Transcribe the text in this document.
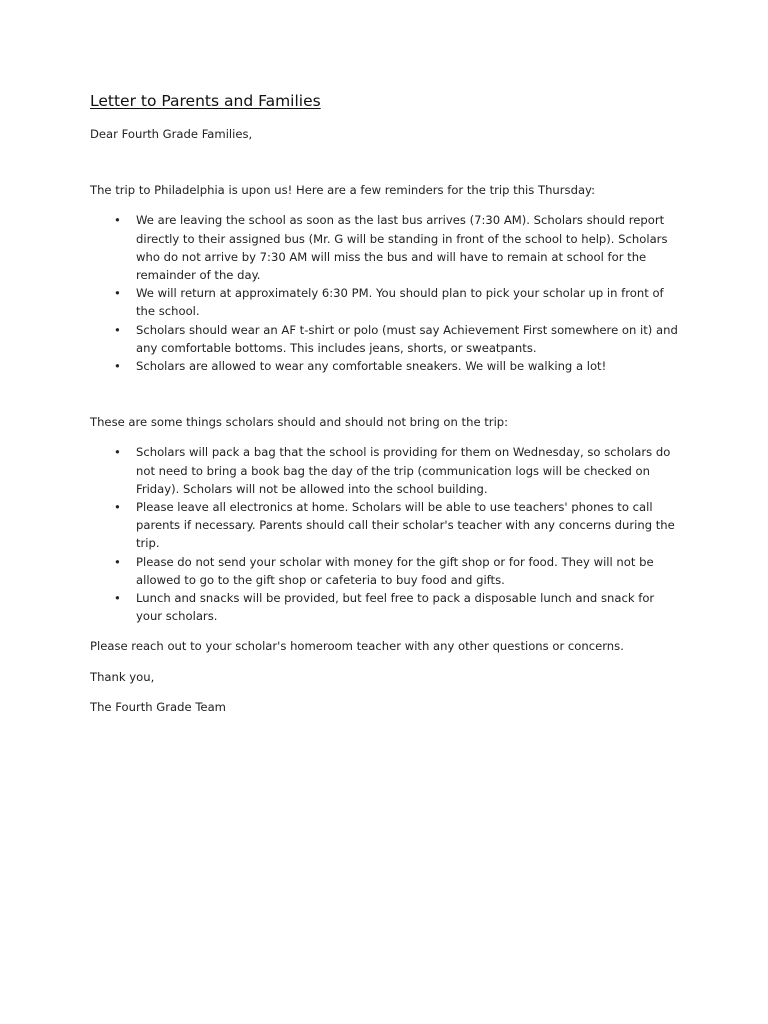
Letter to Parents and Families

Dear Fourth Grade Families,

The trip to Philadelphia is upon us! Here are a few reminders for the trip this Thursday:

• We are leaving the school as soon as the last bus arrives (7:30 AM). Scholars should report directly to their assigned bus (Mr. G will be standing in front of the school to help). Scholars who do not arrive by 7:30 AM will miss the bus and will have to remain at school for the remainder of the day.
• We will return at approximately 6:30 PM. You should plan to pick your scholar up in front of the school.
• Scholars should wear an AF t-shirt or polo (must say Achievement First somewhere on it) and any comfortable bottoms. This includes jeans, shorts, or sweatpants.
• Scholars are allowed to wear any comfortable sneakers. We will be walking a lot!

These are some things scholars should and should not bring on the trip:

• Scholars will pack a bag that the school is providing for them on Wednesday, so scholars do not need to bring a book bag the day of the trip (communication logs will be checked on Friday). Scholars will not be allowed into the school building.
• Please leave all electronics at home. Scholars will be able to use teachers' phones to call parents if necessary. Parents should call their scholar's teacher with any concerns during the trip.
• Please do not send your scholar with money for the gift shop or for food. They will not be allowed to go to the gift shop or cafeteria to buy food and gifts.
• Lunch and snacks will be provided, but feel free to pack a disposable lunch and snack for your scholars.

Please reach out to your scholar's homeroom teacher with any other questions or concerns.

Thank you,

The Fourth Grade Team
